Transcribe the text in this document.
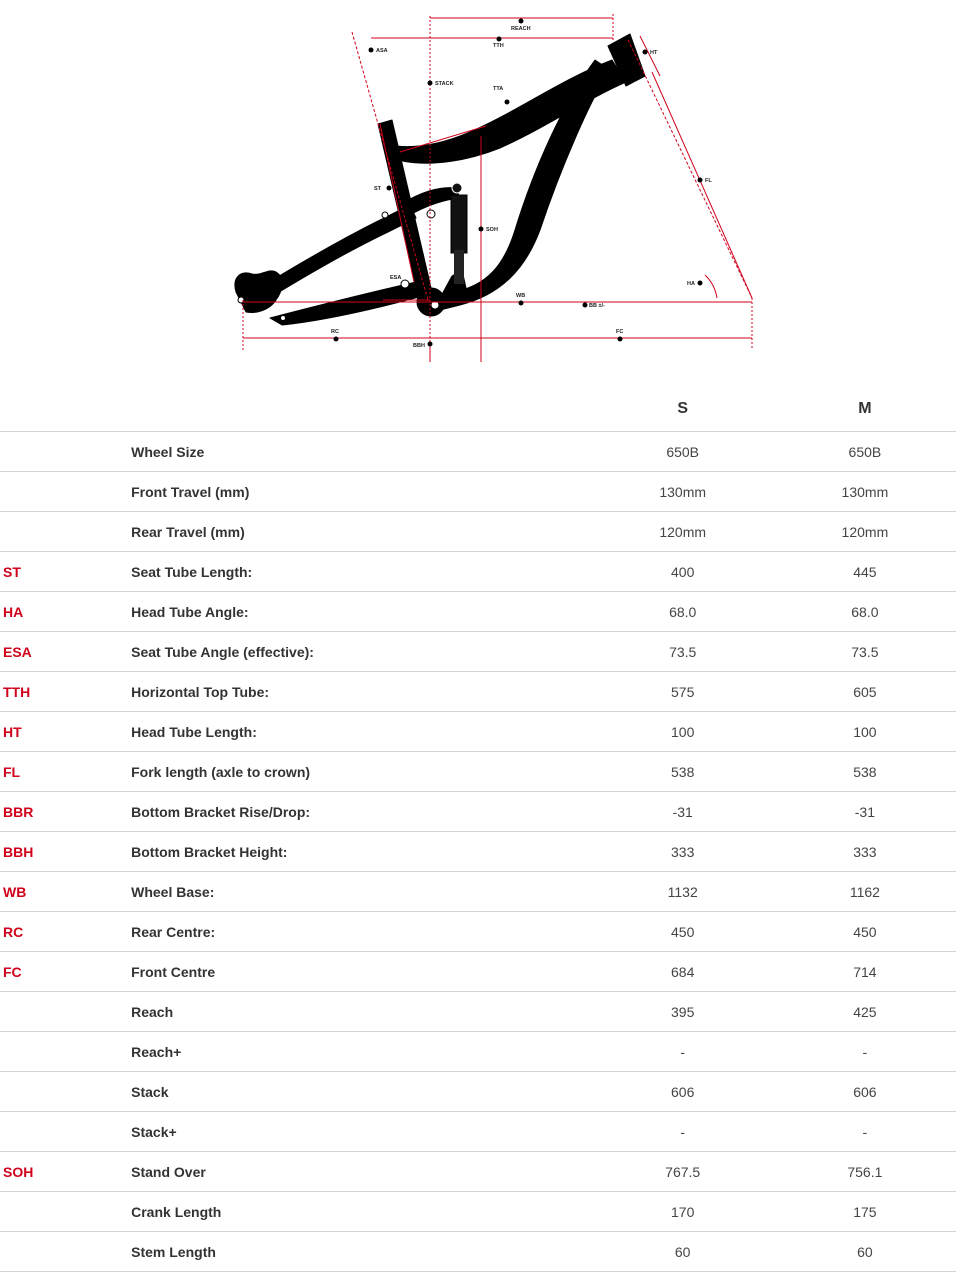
REACH
TTH
ASA	HT
STACK
TTA
ST
FL
SOH
ESA
HA
WB
BB ±/-
RC
BBH
FC
		S	M
	Wheel Size	650B	650B
	Front Travel (mm)	130mm	130mm
	Rear Travel (mm)	120mm	120mm
ST	Seat Tube Length:	400	445
HA	Head Tube Angle:	68.0	68.0
ESA	Seat Tube Angle (effective):	73.5	73.5
TTH	Horizontal Top Tube:	575	605
HT	Head Tube Length:	100	100
FL	Fork length (axle to crown)	538	538
BBR	Bottom Bracket Rise/Drop:	-31	-31
BBH	Bottom Bracket Height:	333	333
WB	Wheel Base:	1132	1162
RC	Rear Centre:	450	450
FC	Front Centre	684	714
	Reach	395	425
	Reach+	-	-
	Stack	606	606
	Stack+	-	-
SOH	Stand Over	767.5	756.1
	Crank Length	170	175
	Stem Length	60	60
